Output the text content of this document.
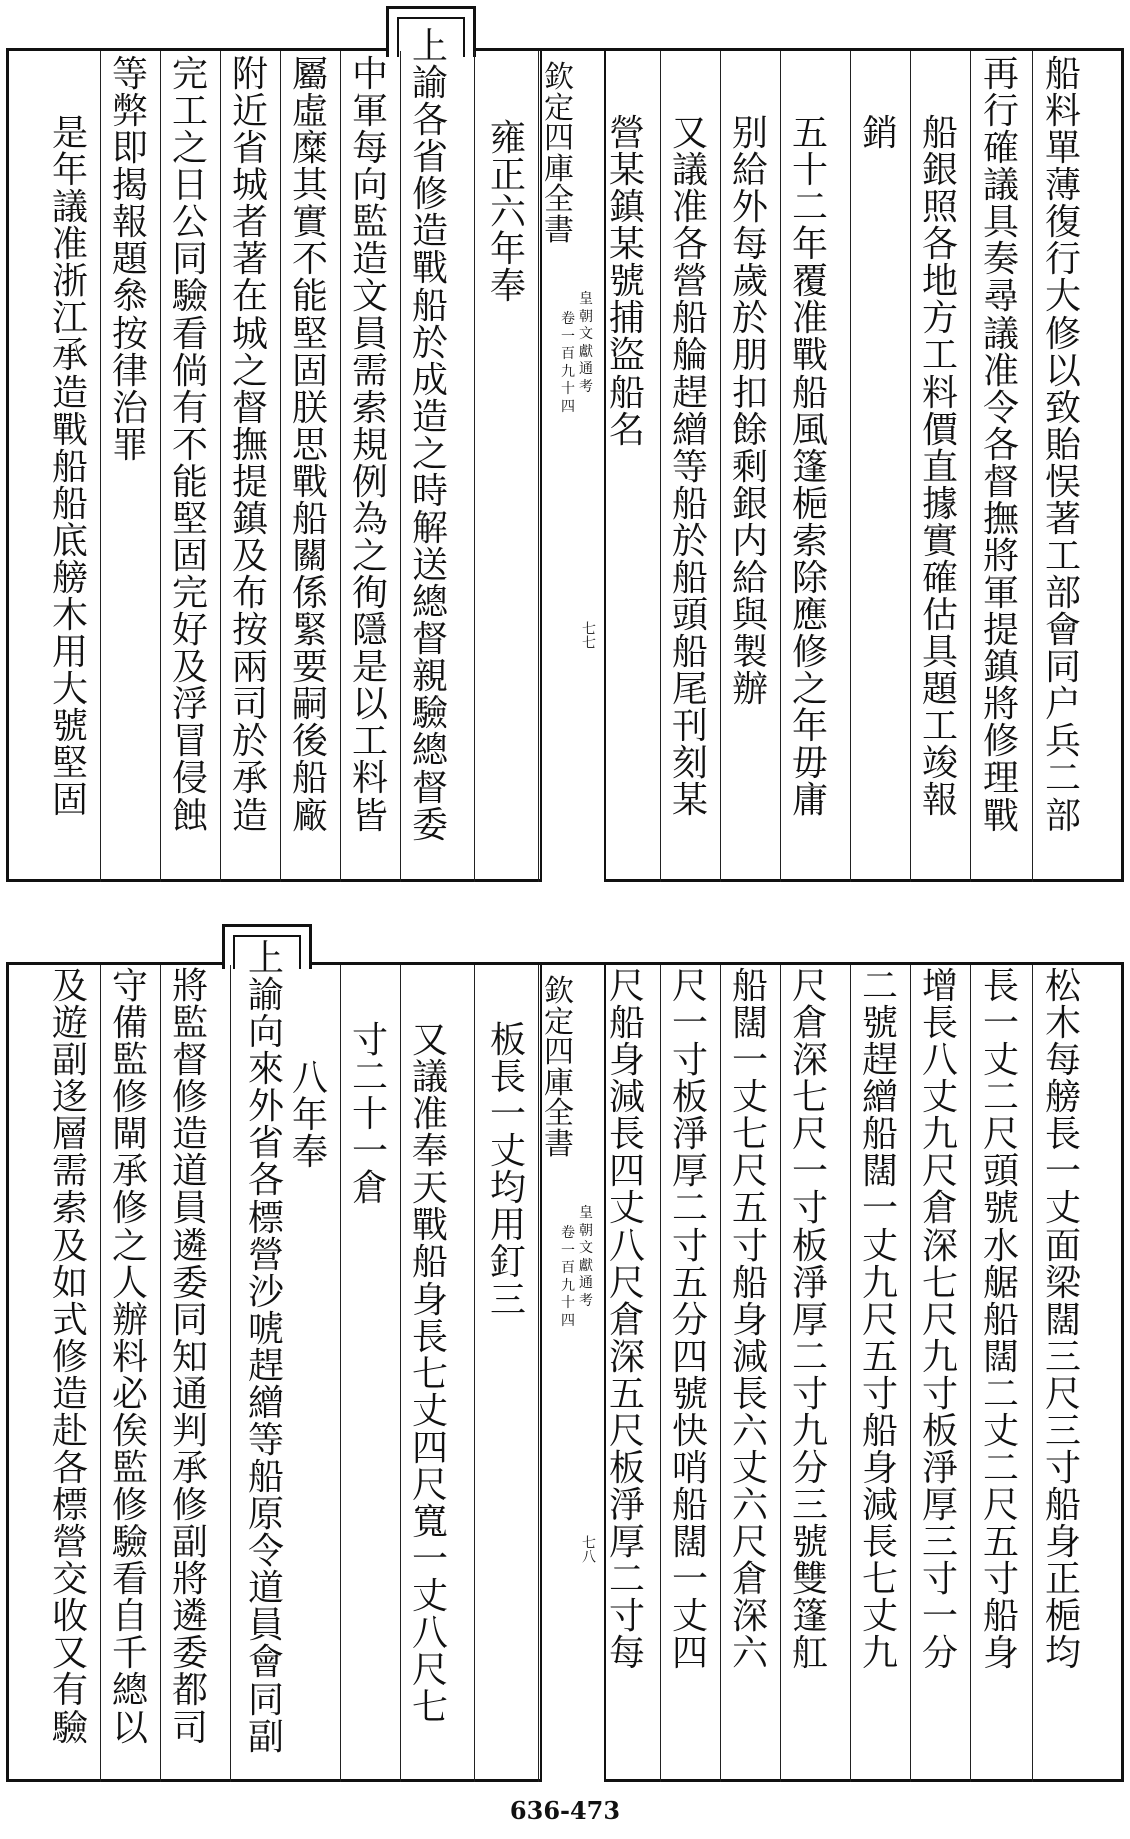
欽
定
四
庫
全
書
皇
朝
文
獻
通
考
卷
一
百
九
十
四
七七
船
料
單
薄
復
行
大
修
以
致
貽
悮
著
工
部
會
同
户
兵
二
部
再
行
確
議
具
奏
尋
議
准
令
各
督
撫
將
軍
提
鎮
將
修
理
戰
船
銀
照
各
地
方
工
料
價
直
據
實
確
估
具
題
工
竣
報
銷
五
十
二
年
覆
准
戰
船
風
篷
梔
索
除
應
修
之
年
毋
庸
别
給
外
每
歲
於
朋
扣
餘
剩
銀
内
給
與
製
辦
又
議
准
各
營
船
䑳
趕
繒
等
船
於
船
頭
船
尾
刊
刻
某
營
某
鎮
某
號
捕
盜
船
名
雍
正
六
年
奉
上
諭
各
省
修
造
戰
船
於
成
造
之
時
解
送
總
督
親
驗
總
督
委
中
軍
每
向
監
造
文
員
需
索
規
例
為
之
徇
隱
是
以
工
料
皆
屬
虛
糜
其
實
不
能
堅
固
朕
思
戰
船
關
係
緊
要
嗣
後
船
廠
附
近
省
城
者
著
在
城
之
督
撫
提
鎮
及
布
按
兩
司
於
承
造
完
工
之
日
公
同
驗
看
倘
有
不
能
堅
固
完
好
及
浮
冒
侵
蝕
等
弊
即
揭
報
題
叅
按
律
治
罪
是
年
議
准
浙
江
承
造
戰
船
船
底
艕
木
用
大
號
堅
固
欽
定
四
庫
全
書
皇
朝
文
獻
通
考
卷
一
百
九
十
四
七八
松
木
每
艕
長
一
丈
面
梁
闊
三
尺
三
寸
船
身
正
梔
均
長
一
丈
二
尺
頭
號
水
艍
船
闊
二
丈
二
尺
五
寸
船
身
增
長
八
丈
九
尺
倉
深
七
尺
九
寸
板
淨
厚
三
寸
一
分
二
號
趕
繒
船
闊
一
丈
九
尺
五
寸
船
身
減
長
七
丈
九
尺
倉
深
七
尺
一
寸
板
淨
厚
二
寸
九
分
三
號
雙
篷
舡
船
闊
一
丈
七
尺
五
寸
船
身
減
長
六
丈
六
尺
倉
深
六
尺
一
寸
板
淨
厚
二
寸
五
分
四
號
快
哨
船
闊
一
丈
四
尺
船
身
減
長
四
丈
八
尺
倉
深
五
尺
板
淨
厚
二
寸
每
板
長
一
丈
均
用
釘
三
又
議
准
奉
天
戰
船
身
長
七
丈
四
尺
寬
一
丈
八
尺
七
寸
二
十
一
倉
八
年
奉
上
諭
向
來
外
省
各
標
營
沙
唬
趕
繒
等
船
原
令
道
員
會
同
副
將
監
督
修
造
道
員
遴
委
同
知
通
判
承
修
副
將
遴
委
都
司
守
備
監
修
閘
承
修
之
人
辦
料
必
俟
監
修
驗
看
自
千
總
以
及
遊
副
迻
層
需
索
及
如
式
修
造
赴
各
標
營
交
收
又
有
驗
636-473
